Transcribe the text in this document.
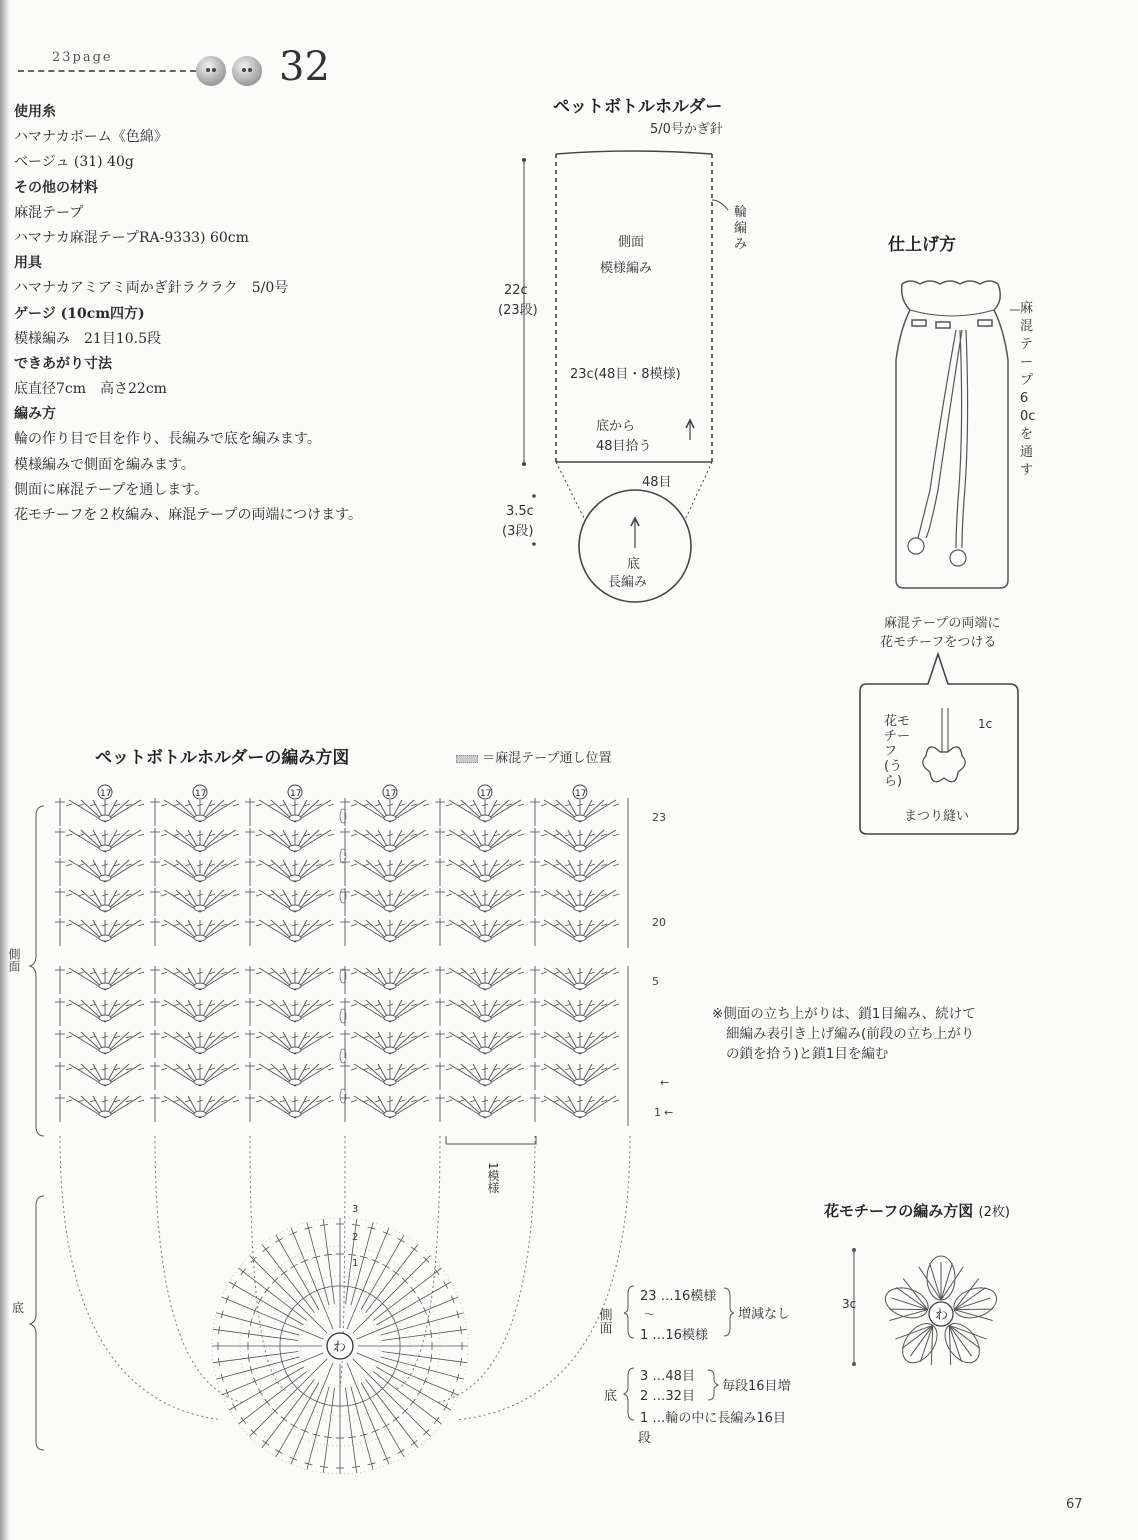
23page	32
使用糸
ハマナカボーム《色綿》
ベージュ (31) 40g
その他の材料
麻混テープ
ハマナカ麻混テープRA-9333) 60cm
用具
ハマナカアミアミ両かぎ針ラクラク　5/0号
ゲージ (10cm四方)
模様編み　21目10.5段
できあがり寸法
底直径7cm　高さ22cm
編み方
輪の作り目で目を作り、長編みで底を編みます。
模様編みで側面を編みます。
側面に麻混テープを通します。
花モチーフを２枚編み、麻混テープの両端につけます。
ペットボトルホルダー
5/0号かぎ針
側面
模様編み
22c
(23段)
23c(48目・8模様)
底から
48目拾う
48目
3.5c
(3段)
底
長編み
輪編み	仕上げ方
麻混テープ60cを通す
麻混テープの両端に
花モチーフをつける
1c
まつり縫い
花モチーフ(うら)
ペットボトルホルダーの編み方図	＝麻混テープ通し位置
17	17	17	17	17	17
わ
側面
底
23
20
5
1 ←
←
1模様
3
2
1
※側面の立ち上がりは、鎖1目編み、続けて
細編み表引き上げ編み(前段の立ち上がり
の鎖を拾う)と鎖1目を編む
花モチーフの編み方図 (2枚)
3c
わ
側面
23 …16模様
〜
1 …16模様
増減なし
底
3 …48目
2 …32目
毎段16目増
1 …輪の中に長編み16目
段
67
